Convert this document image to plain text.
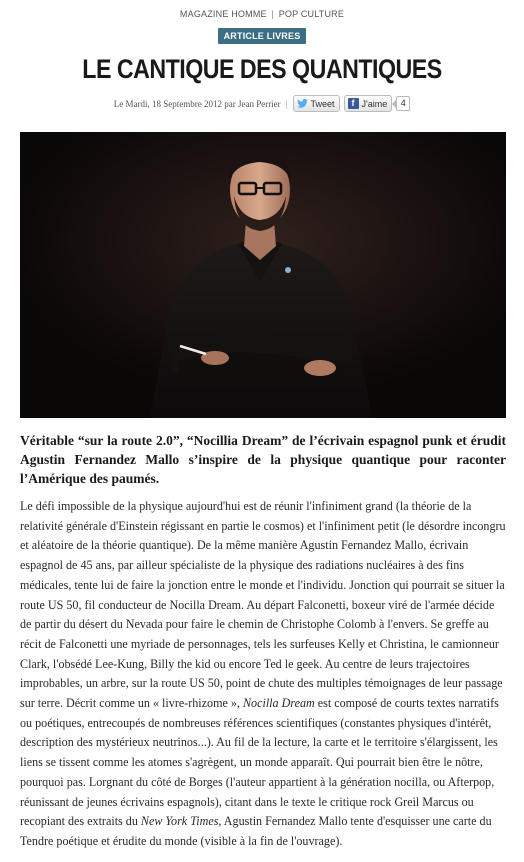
MAGAZINE HOMME | POP CULTURE
ARTICLE LIVRES
LE CANTIQUE DES QUANTIQUES
Le Mardi, 18 Septembre 2012 par Jean Perrier |	Tweet	f J'aime	4

Véritable “sur la route 2.0”, “Nocillia Dream” de l’écrivain espagnol punk et érudit Agustin Fernandez Mallo s’inspire de la physique quantique pour raconter l’Amérique des paumés.

Le défi impossible de la physique aujourd'hui est de réunir l'infiniment grand (la théorie de la relativité générale d'Einstein régissant en partie le cosmos) et l'infiniment petit (le désordre incongru et aléatoire de la théorie quantique). De la même manière Agustin Fernandez Mallo, écrivain espagnol de 45 ans, par ailleur spécialiste de la physique des radiations nucléaires à des fins médicales, tente lui de faire la jonction entre le monde et l'individu. Jonction qui pourrait se situer la route US 50, fil conducteur de Nocilla Dream. Au départ Falconetti, boxeur viré de l'armée décide de partir du désert du Nevada pour faire le chemin de Christophe Colomb à l'envers. Se greffe au récit de Falconetti une myriade de personnages, tels les surfeuses Kelly et Christina, le camionneur Clark, l'obsédé Lee-Kung, Billy the kid ou encore Ted le geek. Au centre de leurs trajectoires improbables, un arbre, sur la route US 50, point de chute des multiples témoignages de leur passage sur terre. Décrit comme un « livre-rhizome », Nocilla Dream est composé de courts textes narratifs ou poétiques, entrecoupés de nombreuses références scientifiques (constantes physiques d'intérêt, description des mystérieux neutrinos...). Au fil de la lecture, la carte et le territoire s'élargissent, les liens se tissent comme les atomes s'agrègent, un monde apparaît. Qui pourrait bien être le nôtre, pourquoi pas. Lorgnant du côté de Borges (l'auteur appartient à la génération nocilla, ou Afterpop, réunissant de jeunes écrivains espagnols), citant dans le texte le critique rock Greil Marcus ou recopiant des extraits du New York Times, Agustin Fernandez Mallo tente d'esquisser une carte du Tendre poétique et érudite du monde (visible à la fin de l'ouvrage).
